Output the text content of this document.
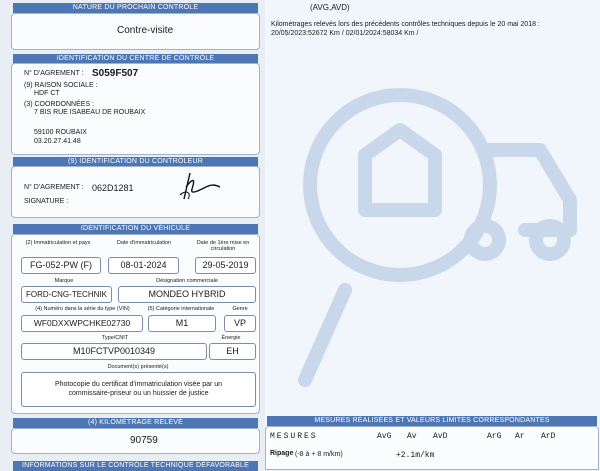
NATURE DU PROCHAIN CONTRÔLE
Contre-visite
IDENTIFICATION DU CENTRE DE CONTRÔLE
N° D'AGREMENT : S059F507
(9) RAISON SOCIALE :
HDF CT
(3) COORDONNÉES :
7 BIS RUE ISABEAU DE ROUBAIX
59100 ROUBAIX
03.20.27.41.48
(9) IDENTIFICATION DU CONTRÔLEUR
N° D'AGREMENT : 062D1281
SIGNATURE :
IDENTIFICATION DU VÉHICULE
(2) Immatriculation et pays	Date d'immatriculation	Date de 1ère mise en circulation
FG-052-PW (F)	08-01-2024	29-05-2019
Marque	Désignation commerciale
FORD-CNG-TECHNIK	MONDEO HYBRID
(4) Numéro dans la série du type (VIN)	(5) Catégorie internationale	Genre
WF0DXXWPCHKE02730	M1	VP
Type/CNIT	Énergie
M10FCTVP0010349	EH
Document(s) présenté(s)
Photocopie du certificat d'immatriculation visée par un commissaire-priseur ou un huissier de justice
(4) KILOMÉTRAGE RELEVÉ
90759
INFORMATIONS SUR LE CONTRÔLE TECHNIQUE DÉFAVORABLE
(AVG,AVD)
Kilométrages relevés lors des précédents contrôles techniques depuis le 20 mai 2018 :
20/05/2023:52672 Km / 02/01/2024:58034 Km /
MESURES RÉALISÉES ET VALEURS LIMITES CORRESPONDANTES
MESURES	AvG Av AvD	ArG Ar ArD
Ripage (-8 à + 8 m/km)	+2.1m/km
